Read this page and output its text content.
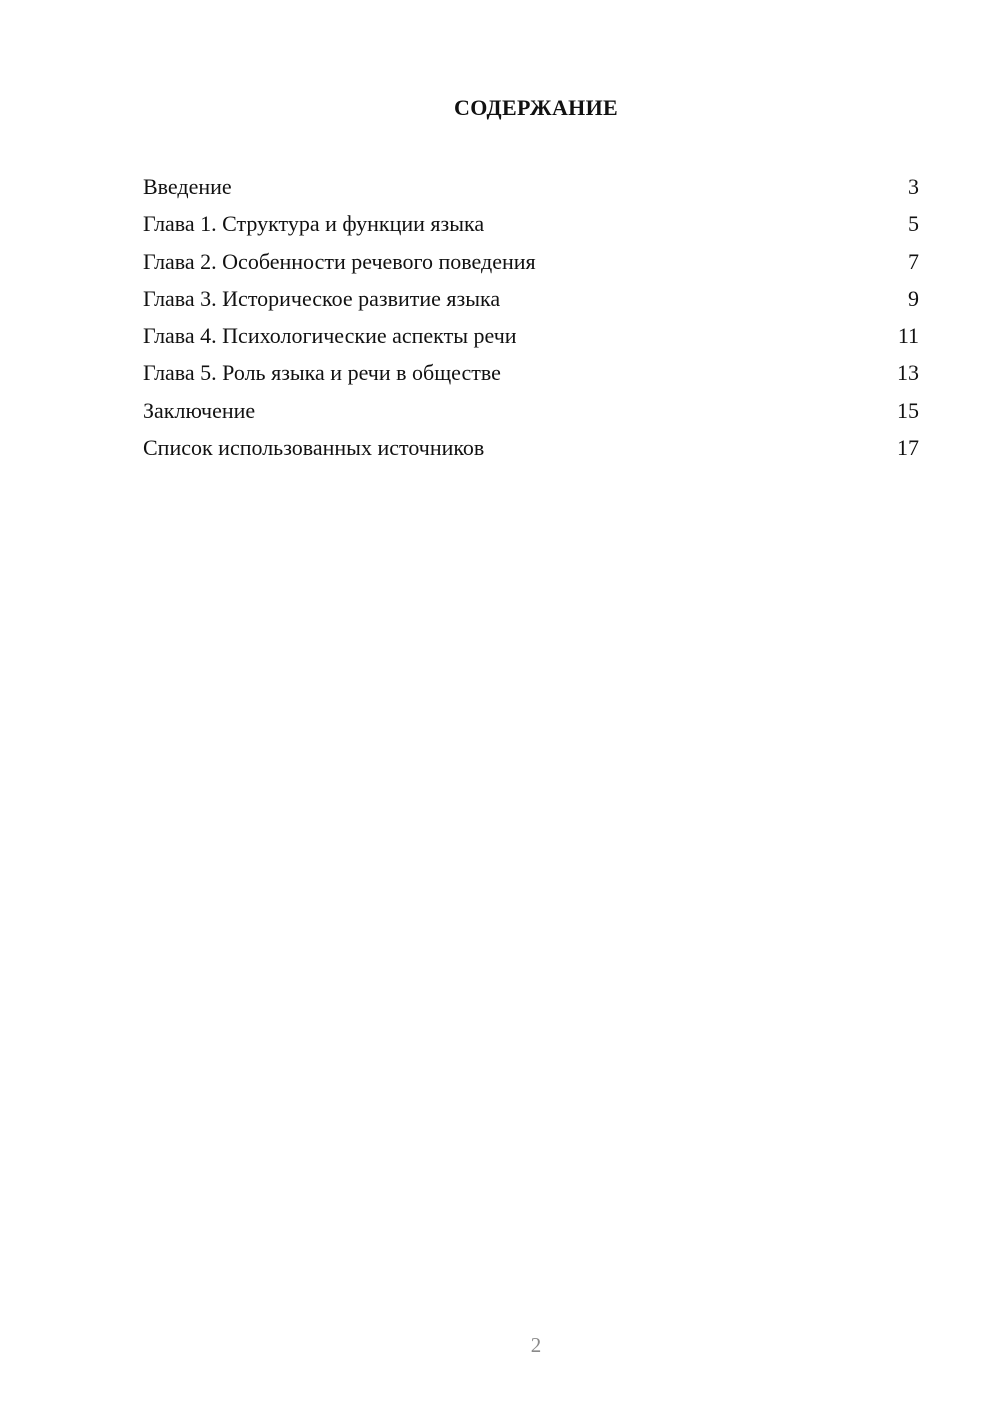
СОДЕРЖАНИЕ
Введение	3
Глава 1. Структура и функции языка	5
Глава 2. Особенности речевого поведения	7
Глава 3. Историческое развитие языка	9
Глава 4. Психологические аспекты речи	11
Глава 5. Роль языка и речи в обществе	13
Заключение	15
Список использованных источников	17
2
